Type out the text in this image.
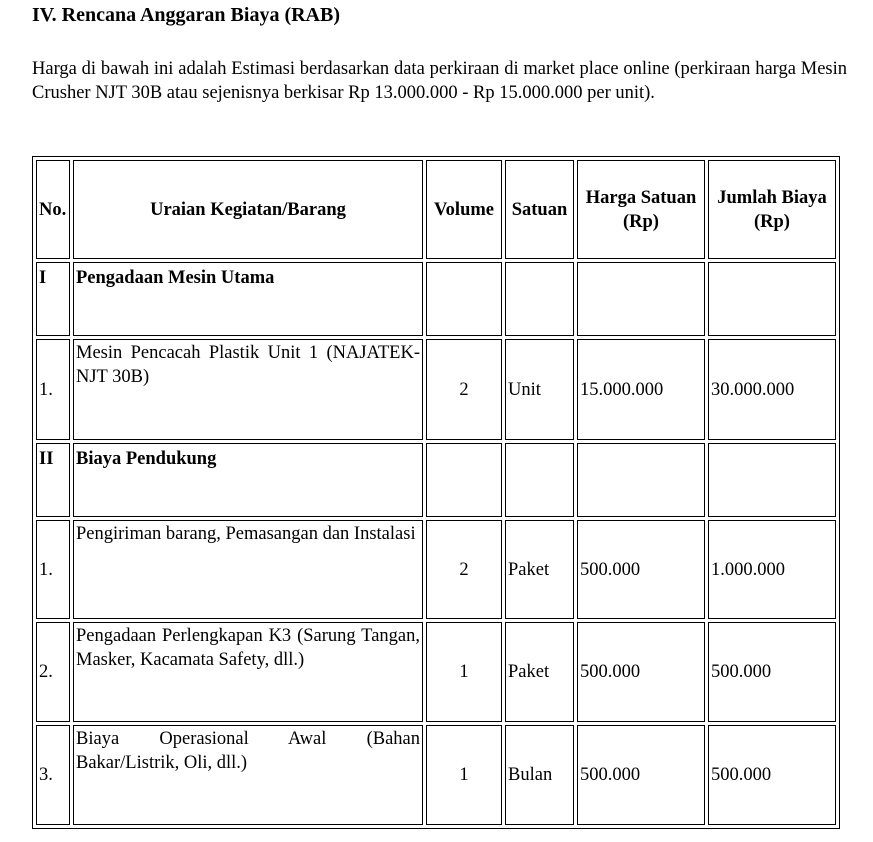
IV. Rencana Anggaran Biaya (RAB)

Harga di bawah ini adalah Estimasi berdasarkan data perkiraan di market place online (perkiraan harga Mesin Crusher NJT 30B atau sejenisnya berkisar Rp 13.000.000 - Rp 15.000.000 per unit).

No.	Uraian Kegiatan/Barang	Volume	Satuan	Harga Satuan (Rp)	Jumlah Biaya (Rp)
I	Pengadaan Mesin Utama				
1.	Mesin Pencacah Plastik Unit 1 (NAJATEK-NJT 30B)	2	Unit	15.000.000	30.000.000
II	Biaya Pendukung				
1.	Pengiriman barang, Pemasangan dan Instalasi	2	Paket	500.000	1.000.000
2.	Pengadaan Perlengkapan K3 (Sarung Tangan, Masker, Kacamata Safety, dll.)	1	Paket	500.000	500.000
3.	Biaya Operasional Awal (Bahan Bakar/Listrik, Oli, dll.)	1	Bulan	500.000	500.000
